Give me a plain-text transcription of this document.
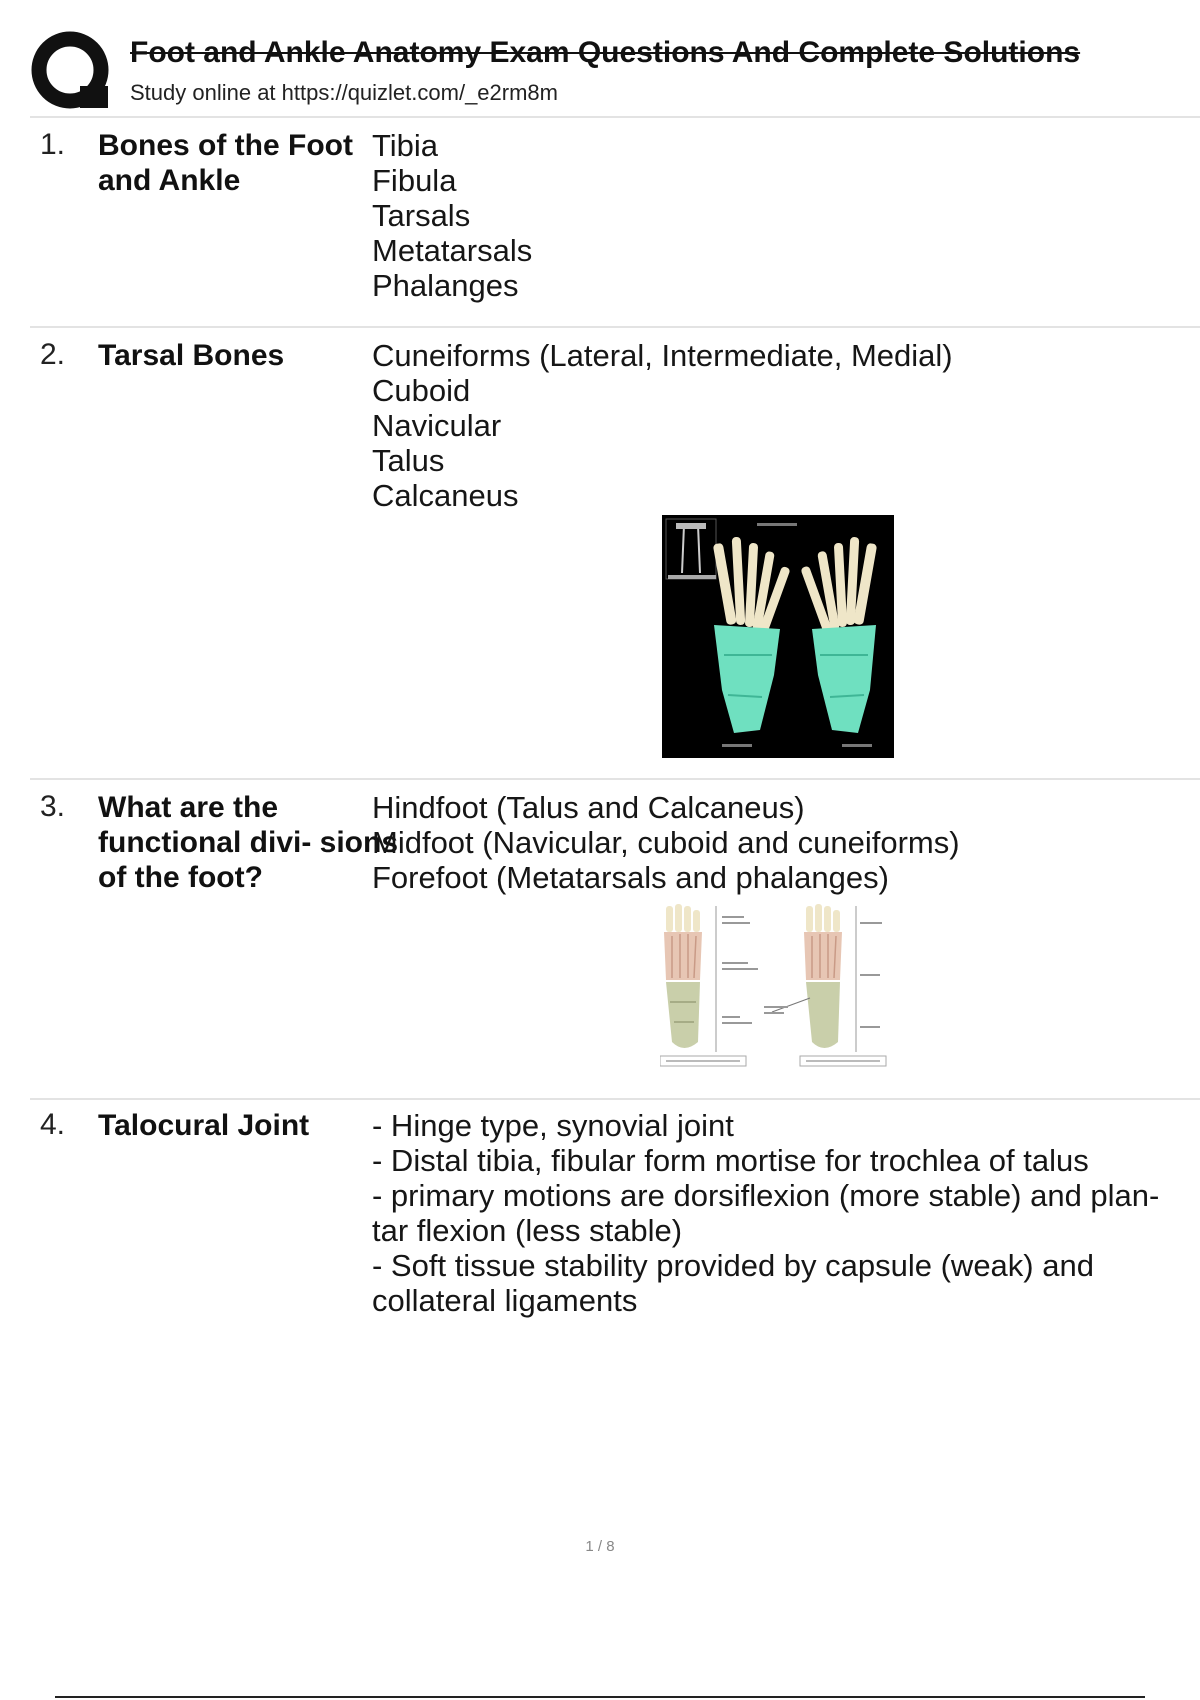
Foot and Ankle Anatomy Exam Questions And Complete Solutions
Study online at https://quizlet.com/_e2rm8m
1. Bones of the Foot and Ankle
Tibia
Fibula
Tarsals
Metatarsals
Phalanges
2. Tarsal Bones	Cuneiforms (Lateral, Intermediate, Medial)
Cuboid
Navicular
Talus
Calcaneus
3. What are the functional divi- sions of the foot?
Hindfoot (Talus and Calcaneus)
Midfoot (Navicular, cuboid and cuneiforms)
Forefoot (Metatarsals and phalanges)
4. Talocural Joint	- Hinge type, synovial joint
- Distal tibia, fibular form mortise for trochlea of talus
- primary motions are dorsiflexion (more stable) and plan- tar flexion (less stable)
- Soft tissue stability provided by capsule (weak) and collateral ligaments
1 / 8
